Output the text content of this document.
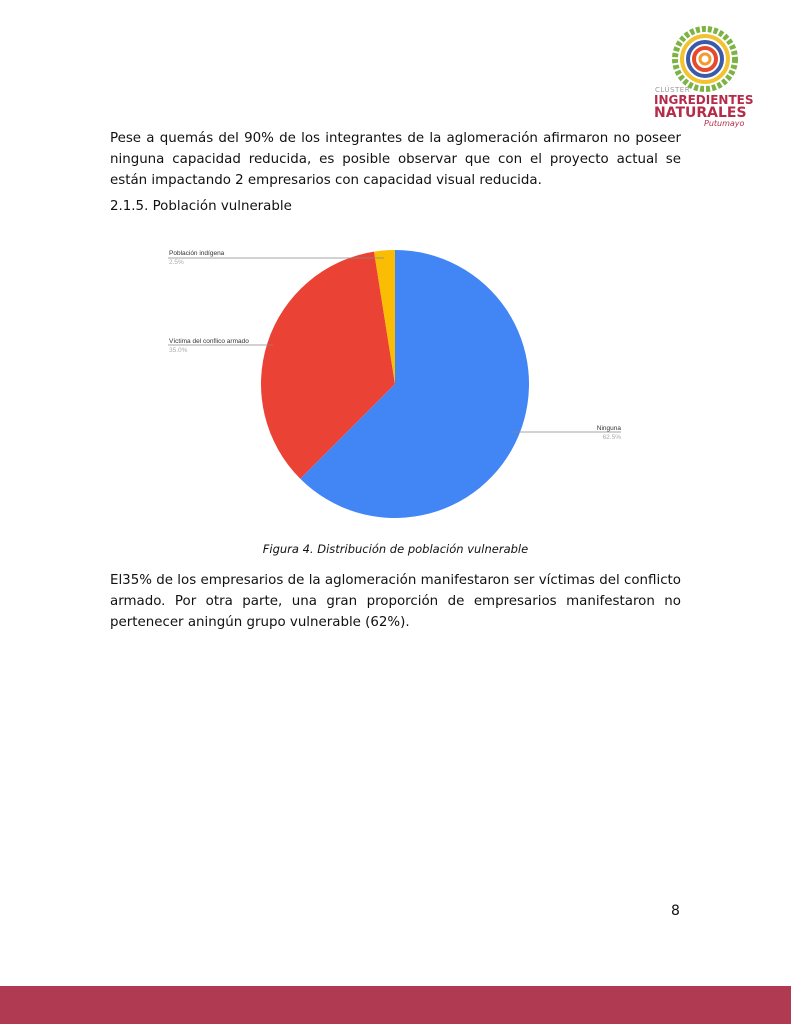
CLÚSTER
INGREDIENTES
NATURALES
Putumayo
Pese a quemás del 90% de los integrantes de la aglomeración afirmaron no poseer ninguna capacidad reducida, es posible observar que con el proyecto actual se están impactando 2 empresarios con capacidad visual reducida.
2.1.5. Población vulnerable
Población indígena
2.5%
Víctima del conflico armado
35.0%
Ninguna
62.5%
Figura 4. Distribución de población vulnerable
El35% de los empresarios de la aglomeración manifestaron ser víctimas del conflicto armado. Por otra parte, una gran proporción de empresarios manifestaron no pertenecer aningún grupo vulnerable (62%).
8
